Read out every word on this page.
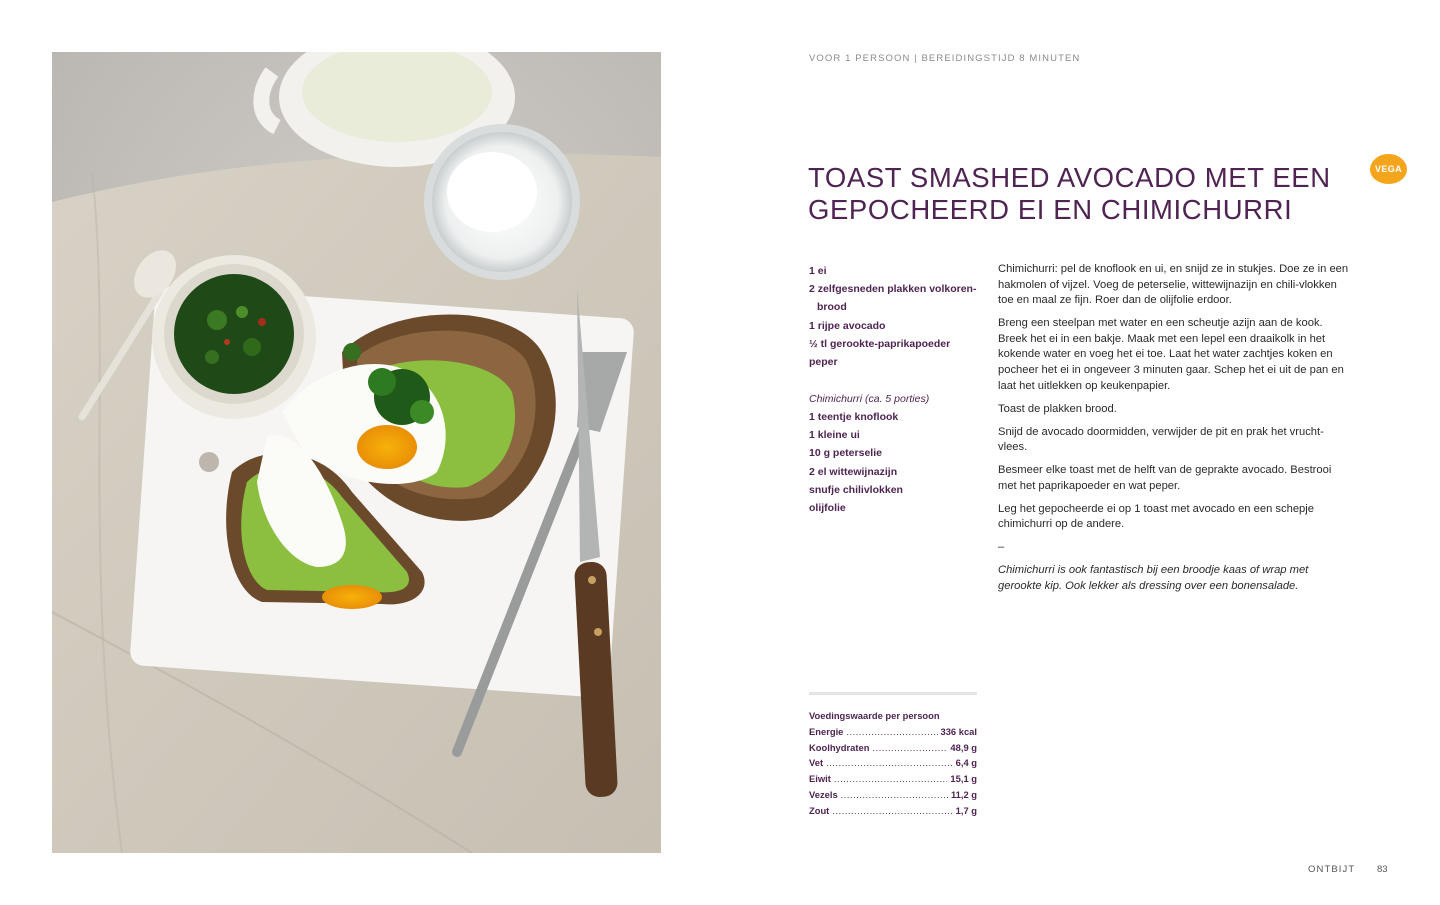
VOOR 1 PERSOON | BEREIDINGSTIJD 8 MINUTEN
TOAST SMASHED AVOCADO MET EEN
GEPOCHEERD EI EN CHIMICHURRI
VEGA
1 ei
2 zelfgesneden plakken volkoren-
brood
1 rijpe avocado
½ tl gerookte-paprikapoeder
peper
Chimichurri (ca. 5 porties)
1 teentje knoflook
1 kleine ui
10 g peterselie
2 el wittewijnazijn
snufje chilivlokken
olijfolie

Chimichurri: pel de knoflook en ui, en snijd ze in stukjes. Doe ze in een hakmolen of vijzel. Voeg de peterselie, wittewijnazijn en chili-vlokken toe en maal ze fijn. Roer dan de olijfolie erdoor.

Breng een steelpan met water en een scheutje azijn aan de kook. Breek het ei in een bakje. Maak met een lepel een draaikolk in het kokende water en voeg het ei toe. Laat het water zachtjes koken en pocheer het ei in ongeveer 3 minuten gaar. Schep het ei uit de pan en laat het uitlekken op keukenpapier.

Toast de plakken brood.

Snijd de avocado doormidden, verwijder de pit en prak het vrucht-vlees.

Besmeer elke toast met de helft van de geprakte avocado. Bestrooi met het paprikapoeder en wat peper.

Leg het gepocheerde ei op 1 toast met avocado en een schepje chimichurri op de andere.

–

Chimichurri is ook fantastisch bij een broodje kaas of wrap met gerookte kip. Ook lekker als dressing over een bonensalade.

Voedingswaarde per persoon
Energie .....	336 kcal
Koolhydraten .....	48,9 g
Vet .....	6,4 g
Eiwit .....	15,1 g
Vezels .....	11,2 g
Zout .....	1,7 g
ONTBIJT 83
